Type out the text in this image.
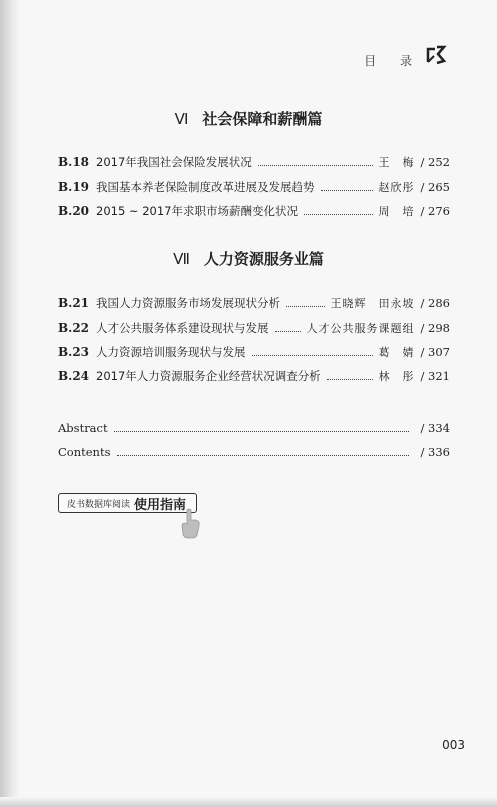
目 录
Ⅵ 社会保障和薪酬篇
B.18 2017年我国社会保险发展状况	王　梅 / 252
B.19 我国基本养老保险制度改革进展及发展趋势	赵欣彤 / 265
B.20 2015 ~ 2017年求职市场薪酬变化状况	周　培 / 276
Ⅶ 人力资源服务业篇
B.21 我国人力资源服务市场发展现状分析	王晓辉　田永坡 / 286
B.22 人才公共服务体系建设现状与发展	人才公共服务课题组 / 298
B.23 人力资源培训服务现状与发展	葛　婧 / 307
B.24 2017年人力资源服务企业经营状况调查分析	林　彤 / 321
Abstract	/ 334
Contents	/ 336
皮书数据库阅读 使用指南
003
